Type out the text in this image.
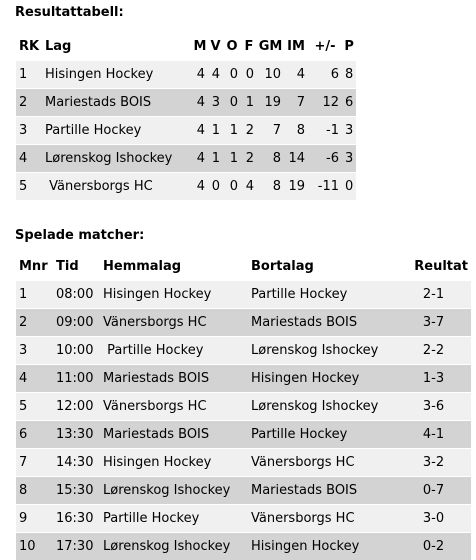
Resultattabell:
RK	Lag	M	V	O	F	GM	IM	+/-	P
1	Hisingen Hockey	4	4	0	0	10	4	6	8
2	Mariestads BOIS	4	3	0	1	19	7	12	6
3	Partille Hockey	4	1	1	2	7	8	-1	3
4	Lørenskog Ishockey	4	1	1	2	8	14	-6	3
5	Vänersborgs HC	4	0	0	4	8	19	-11	0
Spelade matcher:
Mnr	Tid	Hemmalag	Bortalag	Reultat
1	08:00	Hisingen Hockey	Partille Hockey	2-1
2	09:00	Vänersborgs HC	Mariestads BOIS	3-7
3	10:00	Partille Hockey	Lørenskog Ishockey	2-2
4	11:00	Mariestads BOIS	Hisingen Hockey	1-3
5	12:00	Vänersborgs HC	Lørenskog Ishockey	3-6
6	13:30	Mariestads BOIS	Partille Hockey	4-1
7	14:30	Hisingen Hockey	Vänersborgs HC	3-2
8	15:30	Lørenskog Ishockey	Mariestads BOIS	0-7
9	16:30	Partille Hockey	Vänersborgs HC	3-0
10	17:30	Lørenskog Ishockey	Hisingen Hockey	0-2
